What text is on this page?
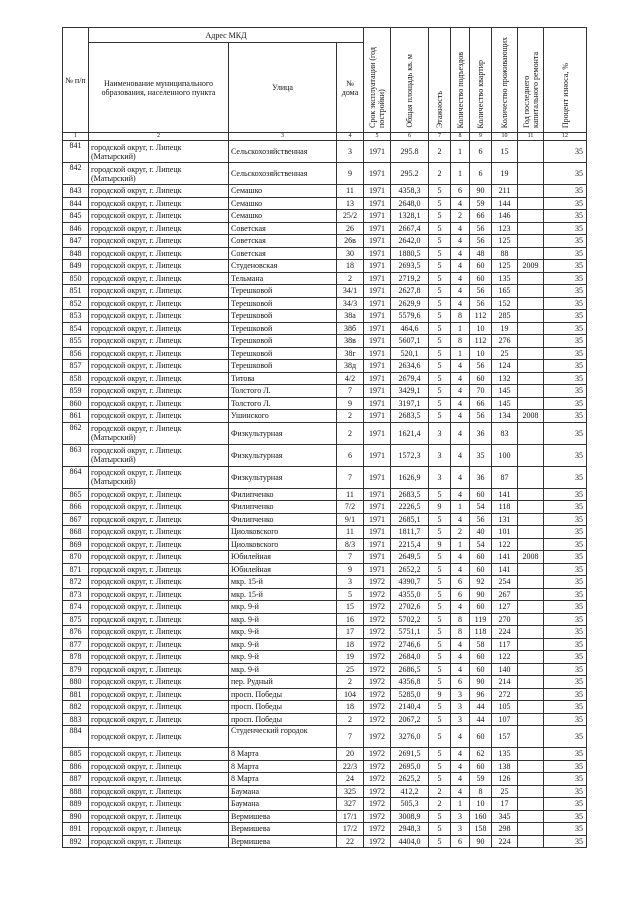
№ п/п	Адрес МКД			Срок эксплуатации (год постройки)	Общая площадь кв. м	Этажность	Количество подъездов	Количество квартир	Количество проживающих	Год последнего капитального ремонта	Процент износа, %
	Наименование муниципального образования, населенного пункта	Улица	№ дома								
1	2	3	4	5	6	7	8	9	10	11	12
841	городской округ, г. Липецк
(Матырский)	Сельскохозяйственная	3	1971	295.8	2	1	6	15		35
842	городской округ, г. Липецк
(Матырский)	Сельскохозяйственная	9	1971	295.2	2	1	6	19		35
843	городской округ, г. Липецк	Семашко	11	1971	4358,3	5	6	90	211		35
844	городской округ, г. Липецк	Семашко	13	1971	2648,0	5	4	59	144		35
845	городской округ, г. Липецк	Семашко	25/2	1971	1328,1	5	2	66	146		35
846	городской округ, г. Липецк	Советская	26	1971	2667,4	5	4	56	123		35
847	городской округ, г. Липецк	Советская	26в	1971	2642,0	5	4	56	125		35
848	городской округ, г. Липецк	Советская	30	1971	1880,5	5	4	48	88		35
849	городской округ, г. Липецк	Студеновская	18	1971	2693,5	5	4	60	125	2009	35
850	городской округ, г. Липецк	Тельмана	2	1971	2719,2	5	4	60	135		35
851	городской округ, г. Липецк	Терешковой	34/1	1971	2627,8	5	4	56	165		35
852	городской округ, г. Липецк	Терешковой	34/3	1971	2629,9	5	4	56	152		35
853	городской округ, г. Липецк	Терешковой	38а	1971	5579,6	5	8	112	285		35
854	городской округ, г. Липецк	Терешковой	38б	1971	464,6	5	1	10	19		35
855	городской округ, г. Липецк	Терешковой	38в	1971	5607,1	5	8	112	276		35
856	городской округ, г. Липецк	Терешковой	38г	1971	520,1	5	1	10	25		35
857	городской округ, г. Липецк	Терешковой	38д	1971	2634,6	5	4	56	124		35
858	городской округ, г. Липецк	Титова	4/2	1971	2679,4	5	4	60	132		35
859	городской округ, г. Липецк	Толстого Л.	7	1971	3429,1	5	4	70	145		35
860	городской округ, г. Липецк	Толстого Л.	9	1971	3197,1	5	4	66	145		35
861	городской округ, г. Липецк	Ушинского	2	1971	2683,5	5	4	56	134	2008	35
862	городской округ, г. Липецк
(Матырский)	Физкультурная	2	1971	1621,4	3	4	36	83		35
863	городской округ, г. Липецк
(Матырский)	Физкультурная	6	1971	1572,3	3	4	35	100		35
864	городской округ, г. Липецк
(Матырский)	Физкультурная	7	1971	1626,9	3	4	36	87		35
865	городской округ, г. Липецк	Филипченко	11	1971	2683,5	5	4	60	141		35
866	городской округ, г. Липецк	Филипченко	7/2	1971	2226,5	9	1	54	118		35
867	городской округ, г. Липецк	Филипченко	9/1	1971	2685,1	5	4	56	131		35
868	городской округ, г. Липецк	Циолковского	11	1971	1811,7	5	2	40	101		35
869	городской округ, г. Липецк	Циолковского	8/3	1971	2215,4	9	1	54	122		35
870	городской округ, г. Липецк	Юбилейная	7	1971	2649,5	5	4	60	141	2008	35
871	городской округ, г. Липецк	Юбилейная	9	1971	2652,2	5	4	60	141		35
872	городской округ, г. Липецк	мкр. 15-й	3	1972	4390,7	5	6	92	254		35
873	городской округ, г. Липецк	мкр. 15-й	5	1972	4355,0	5	6	90	267		35
874	городской округ, г. Липецк	мкр. 9-й	15	1972	2702,6	5	4	60	127		35
875	городской округ, г. Липецк	мкр. 9-й	16	1972	5702,2	5	8	119	270		35
876	городской округ, г. Липецк	мкр. 9-й	17	1972	5751,1	5	8	118	224		35
877	городской округ, г. Липецк	мкр. 9-й	18	1972	2746,6	5	4	58	117		35
878	городской округ, г. Липецк	мкр. 9-й	19	1972	2684,0	5	4	60	122		35
879	городской округ, г. Липецк	мкр. 9-й	25	1972	2686,5	5	4	60	140		35
880	городской округ, г. Липецк	пер. Рудный	2	1972	4356,8	5	6	90	214		35
881	городской округ, г. Липецк	просп. Победы	104	1972	5285,0	9	3	96	272		35
882	городской округ, г. Липецк	просп. Победы	18	1972	2140,4	5	3	44	105		35
883	городской округ, г. Липецк	просп. Победы	2	1972	2067,2	5	3	44	107		35
884	городской округ, г. Липецк	Студенческий городок	7	1972	3276,0	5	4	60	157		35
885	городской округ, г. Липецк	8 Марта	20	1972	2691,5	5	4	62	135		35
886	городской округ, г. Липецк	8 Марта	22/3	1972	2695,0	5	4	60	138		35
887	городской округ, г. Липецк	8 Марта	24	1972	2625,2	5	4	59	126		35
888	городской округ, г. Липецк	Баумана	325	1972	412,2	2	4	8	25		35
889	городской округ, г. Липецк	Баумана	327	1972	505,3	2	1	10	17		35
890	городской округ, г. Липецк	Вермишева	17/1	1972	3008,9	5	3	160	345		35
891	городской округ, г. Липецк	Вермишева	17/2	1972	2948,3	5	3	158	298		35
892	городской округ, г. Липецк	Вермишева	22	1972	4404,0	5	6	90	224		35
